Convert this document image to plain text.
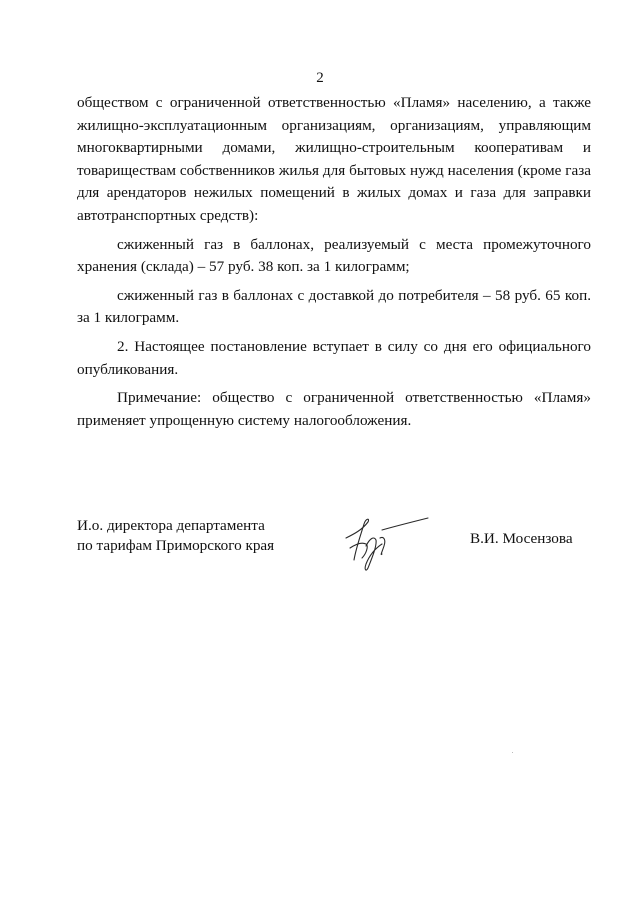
2

обществом с ограниченной ответственностью «Пламя» населению, а также

жилищно-эксплуатационным организациям, организациям, управляющим

многоквартирными домами, жилищно-строительным кооперативам и

товариществам собственников жилья для бытовых нужд населения (кроме газа

для арендаторов нежилых помещений в жилых домах и газа для заправки

автотранспортных средств):

сжиженный газ в баллонах, реализуемый с места промежуточного

хранения (склада) – 57 руб. 38 коп. за 1 килограмм;

сжиженный газ в баллонах с доставкой до потребителя – 58 руб. 65 коп.

за 1 килограмм.

2. Настоящее постановление вступает в силу со дня его официального

опубликования.

Примечание: общество с ограниченной ответственностью «Пламя»

применяет упрощенную систему налогообложения.

И.о. директора департамента
по тарифам Приморского края	В.И. Мосензова
